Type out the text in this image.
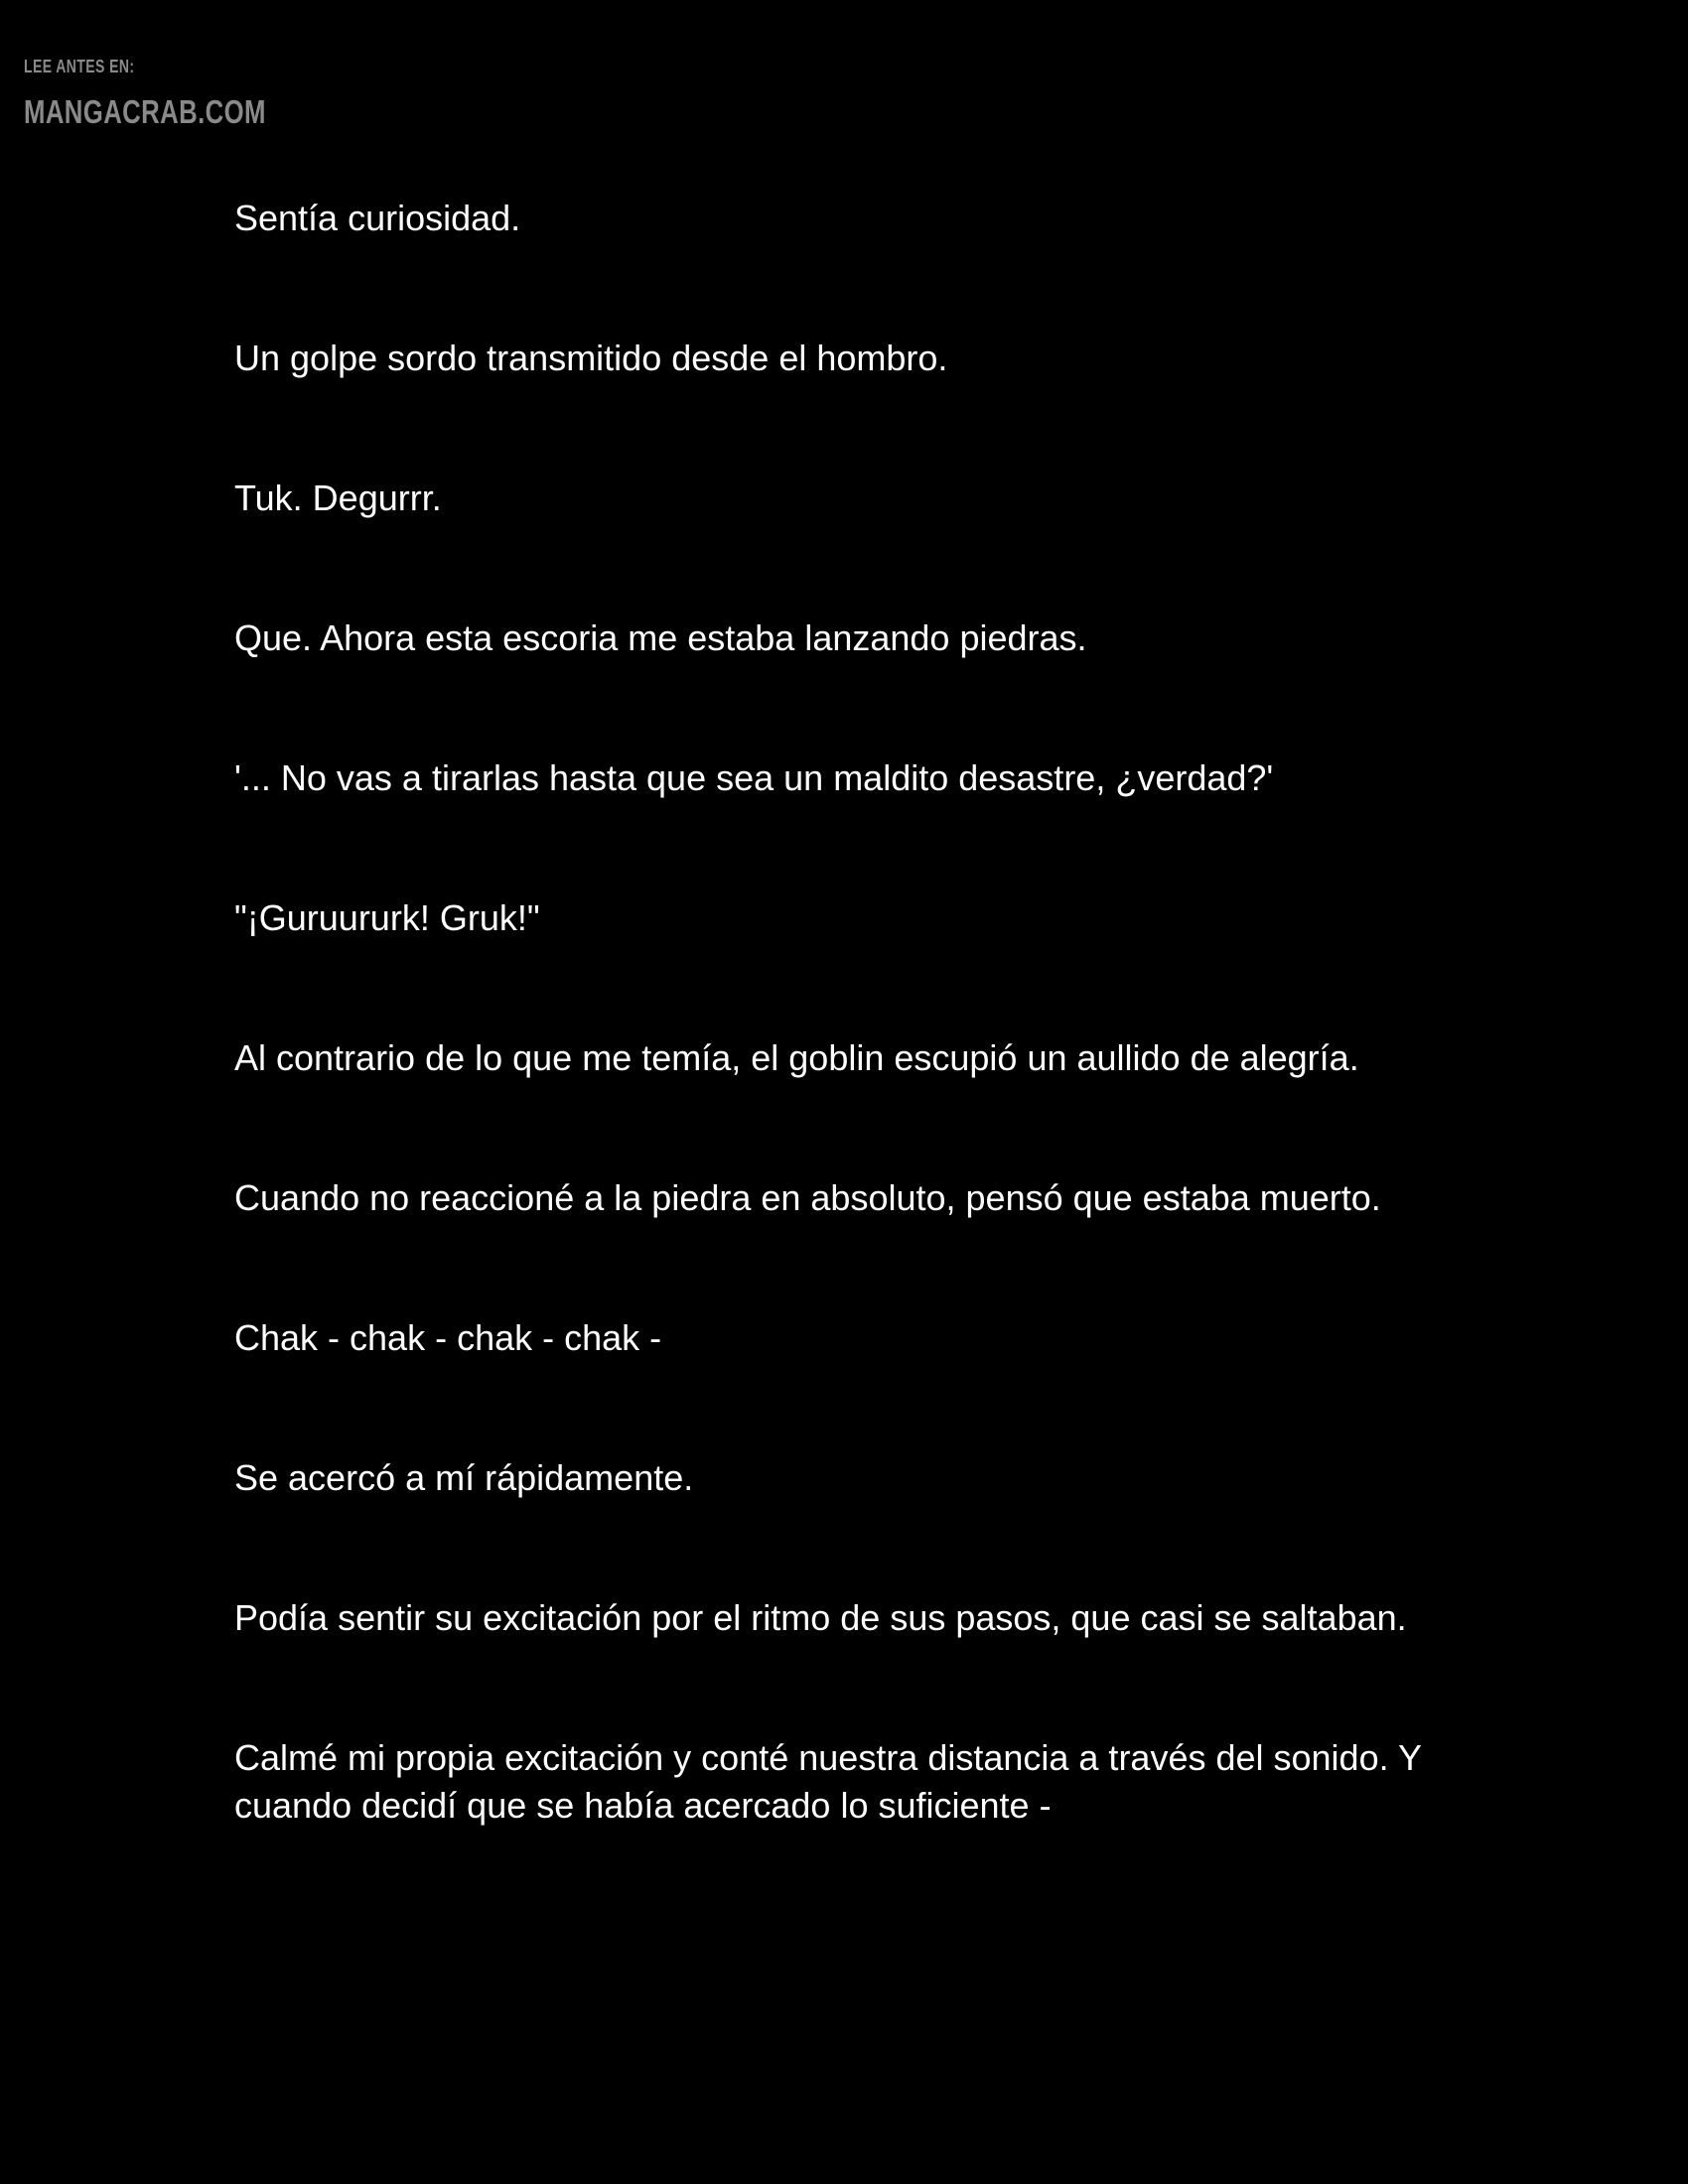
LEE ANTES EN:
MANGACRAB.COM

Sentía curiosidad.

Un golpe sordo transmitido desde el hombro.

Tuk. Degurrr.

Que. Ahora esta escoria me estaba lanzando piedras.

'... No vas a tirarlas hasta que sea un maldito desastre, ¿verdad?'

"¡Guruururk! Gruk!"

Al contrario de lo que me temía, el goblin escupió un aullido de alegría.

Cuando no reaccioné a la piedra en absoluto, pensó que estaba muerto.

Chak - chak - chak - chak -

Se acercó a mí rápidamente.

Podía sentir su excitación por el ritmo de sus pasos, que casi se saltaban.

Calmé mi propia excitación y conté nuestra distancia a través del sonido. Y cuando decidí que se había acercado lo suficiente -
